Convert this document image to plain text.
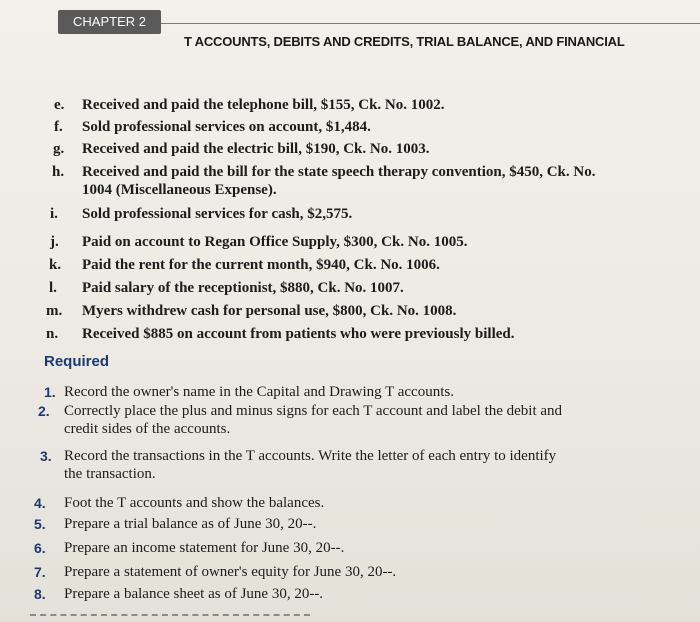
CHAPTER 2
T ACCOUNTS, DEBITS AND CREDITS, TRIAL BALANCE, AND FINANCIAL
e. Received and paid the telephone bill, $155, Ck. No. 1002.
f. Sold professional services on account, $1,484.
g. Received and paid the electric bill, $190, Ck. No. 1003.
h. Received and paid the bill for the state speech therapy convention, $450, Ck. No.
1004 (Miscellaneous Expense).
i. Sold professional services for cash, $2,575.
j. Paid on account to Regan Office Supply, $300, Ck. No. 1005.
k. Paid the rent for the current month, $940, Ck. No. 1006.
l. Paid salary of the receptionist, $880, Ck. No. 1007.
m. Myers withdrew cash for personal use, $800, Ck. No. 1008.
n. Received $885 on account from patients who were previously billed.
Required
1. Record the owner's name in the Capital and Drawing T accounts.
2. Correctly place the plus and minus signs for each T account and label the debit and
credit sides of the accounts.
3. Record the transactions in the T accounts. Write the letter of each entry to identify
the transaction.
4. Foot the T accounts and show the balances.
5. Prepare a trial balance as of June 30, 20--.
6. Prepare an income statement for June 30, 20--.
7. Prepare a statement of owner's equity for June 30, 20--.
8. Prepare a balance sheet as of June 30, 20--.
